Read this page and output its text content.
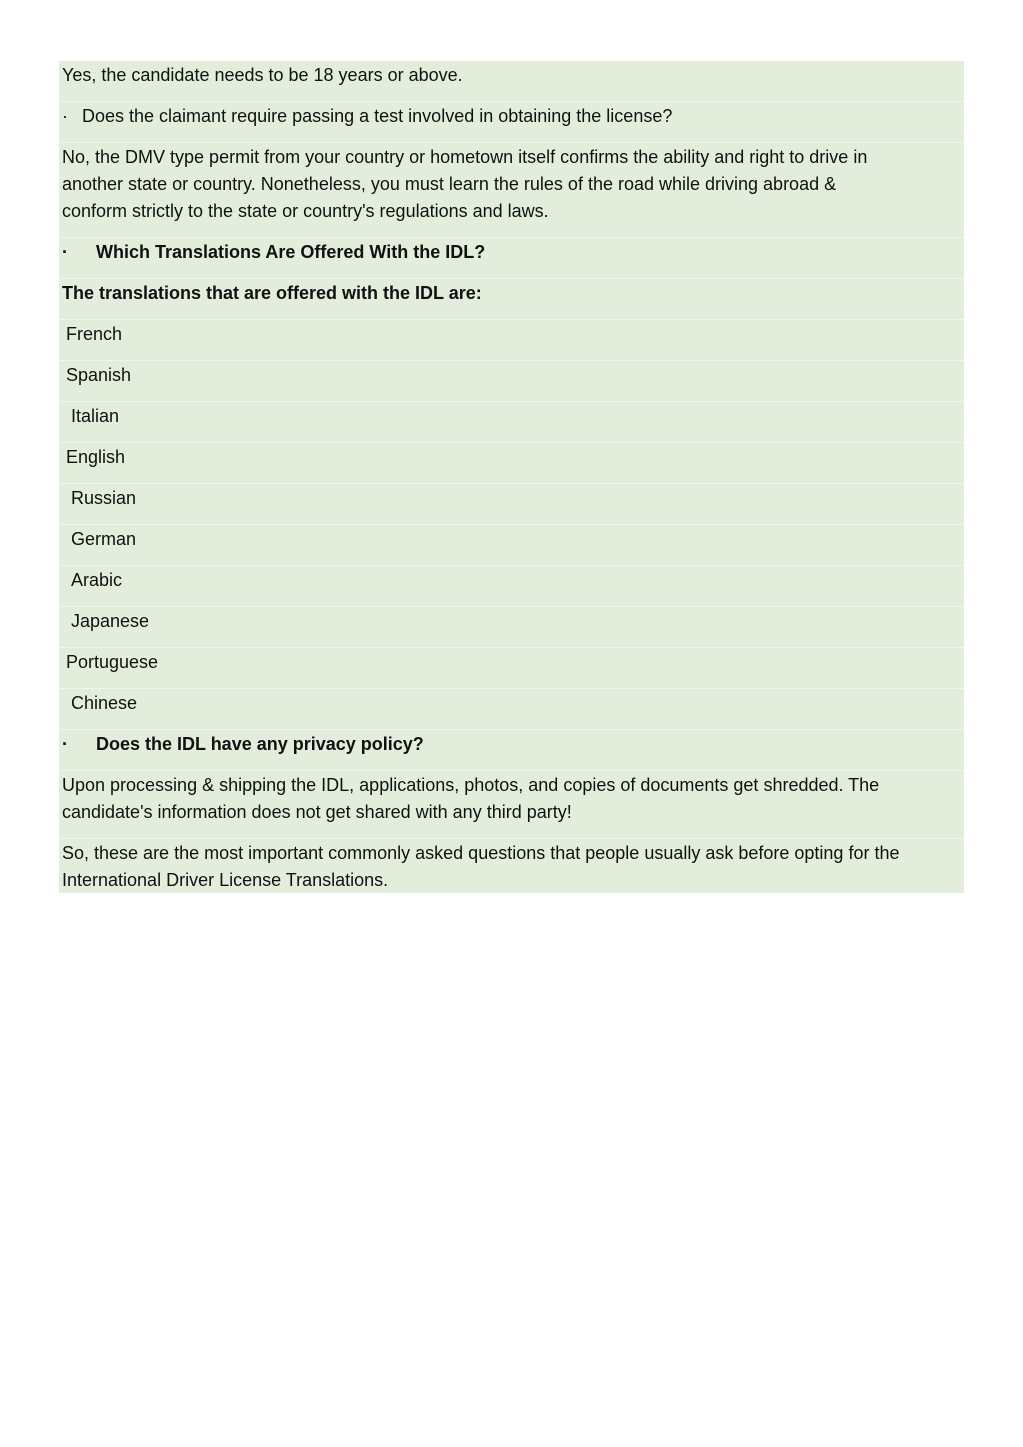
Yes, the candidate needs to be 18 years or above.
· Does the claimant require passing a test involved in obtaining the license?
No, the DMV type permit from your country or hometown itself confirms the ability and right to drive in
another state or country. Nonetheless, you must learn the rules of the road while driving abroad &
conform strictly to the state or country's regulations and laws.
· Which Translations Are Offered With the IDL?
The translations that are offered with the IDL are:
French
Spanish
Italian
English
Russian
German
Arabic
Japanese
Portuguese
Chinese
· Does the IDL have any privacy policy?
Upon processing & shipping the IDL, applications, photos, and copies of documents get shredded. The
candidate's information does not get shared with any third party!
So, these are the most important commonly asked questions that people usually ask before opting for the
International Driver License Translations.
